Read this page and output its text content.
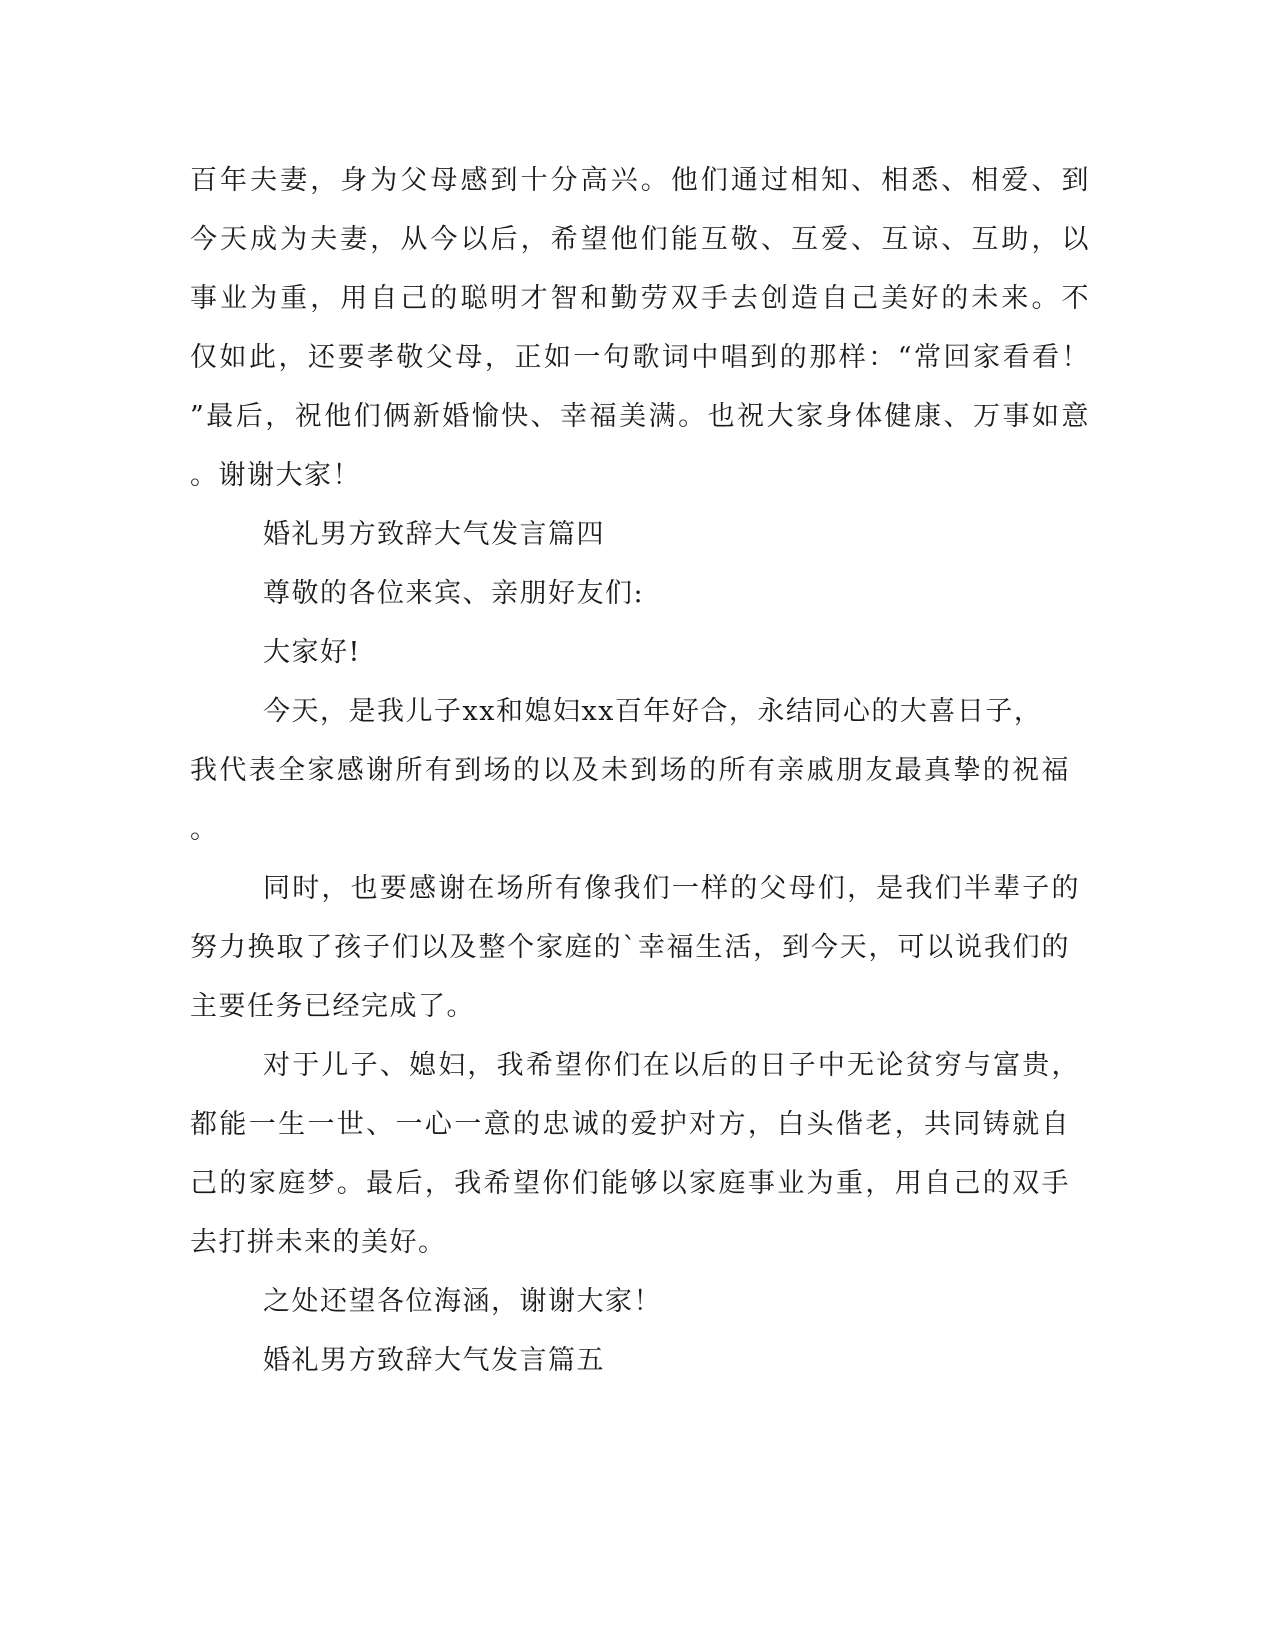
百年夫妻，身为父母感到十分高兴。他们通过相知、相悉、相爱、到
今天成为夫妻，从今以后，希望他们能互敬、互爱、互谅、互助，以
事业为重，用自己的聪明才智和勤劳双手去创造自己美好的未来。不
仅如此，还要孝敬父母，正如一句歌词中唱到的那样：“常回家看看！
”最后，祝他们俩新婚愉快、幸福美满。也祝大家身体健康、万事如意
。谢谢大家！
婚礼男方致辞大气发言篇四
尊敬的各位来宾、亲朋好友们:
大家好!
今天，是我儿子xx和媳妇xx百年好合，永结同心的大喜日子，
我代表全家感谢所有到场的以及未到场的所有亲戚朋友最真挚的祝福
。
同时，也要感谢在场所有像我们一样的父母们，是我们半辈子的
努力换取了孩子们以及整个家庭的`幸福生活，到今天，可以说我们的
主要任务已经完成了。
对于儿子、媳妇，我希望你们在以后的日子中无论贫穷与富贵，
都能一生一世、一心一意的忠诚的爱护对方，白头偕老，共同铸就自
己的家庭梦。最后，我希望你们能够以家庭事业为重，用自己的双手
去打拼未来的美好。
之处还望各位海涵，谢谢大家！
婚礼男方致辞大气发言篇五
